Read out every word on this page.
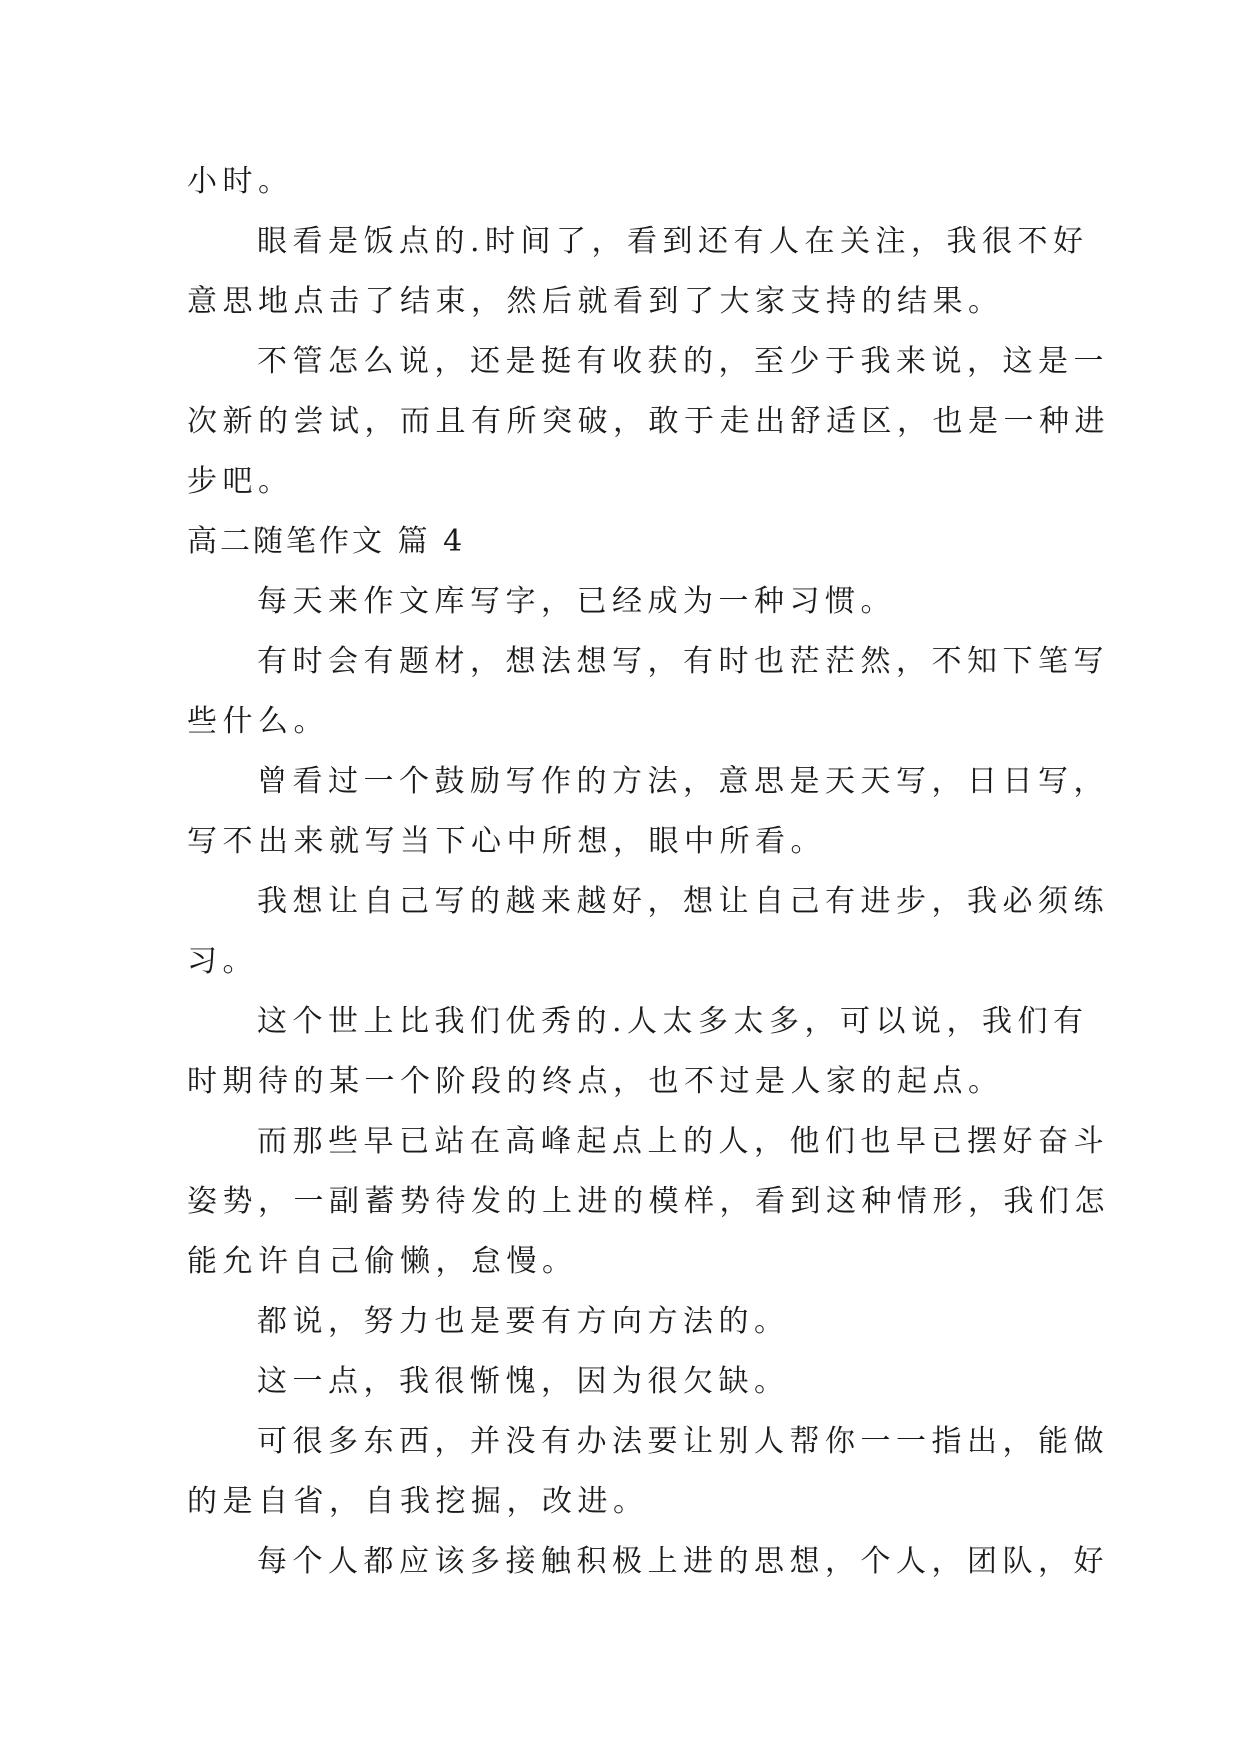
小时。
眼看是饭点的.时间了，看到还有人在关注，我很不好
意思地点击了结束，然后就看到了大家支持的结果。
不管怎么说，还是挺有收获的，至少于我来说，这是一
次新的尝试，而且有所突破，敢于走出舒适区，也是一种进
步吧。
高二随笔作文 篇 4
每天来作文库写字，已经成为一种习惯。
有时会有题材，想法想写，有时也茫茫然，不知下笔写
些什么。
曾看过一个鼓励写作的方法，意思是天天写，日日写，
写不出来就写当下心中所想，眼中所看。
我想让自己写的越来越好，想让自己有进步，我必须练
习。
这个世上比我们优秀的.人太多太多，可以说，我们有
时期待的某一个阶段的终点，也不过是人家的起点。
而那些早已站在高峰起点上的人，他们也早已摆好奋斗
姿势，一副蓄势待发的上进的模样，看到这种情形，我们怎
能允许自己偷懒，怠慢。
都说，努力也是要有方向方法的。
这一点，我很惭愧，因为很欠缺。
可很多东西，并没有办法要让别人帮你一一指出，能做
的是自省，自我挖掘，改进。
每个人都应该多接触积极上进的思想，个人，团队，好
